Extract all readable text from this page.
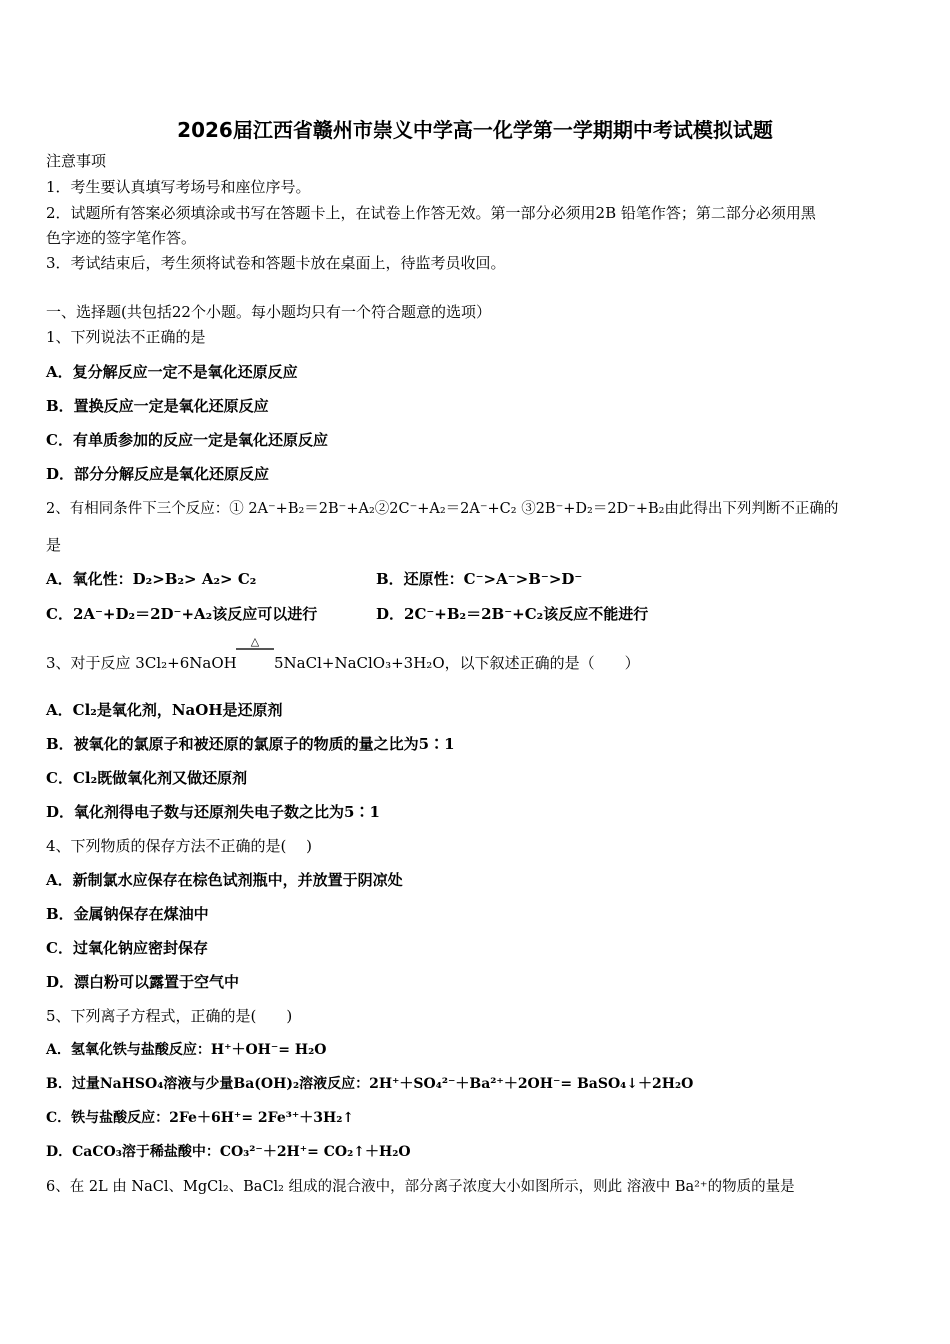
2026届江西省赣州市崇义中学高一化学第一学期期中考试模拟试题
注意事项
1．考生要认真填写考场号和座位序号。
2．试题所有答案必须填涂或书写在答题卡上，在试卷上作答无效。第一部分必须用2B 铅笔作答；第二部分必须用黑
色字迹的签字笔作答。
3．考试结束后，考生须将试卷和答题卡放在桌面上，待监考员收回。
一、选择题(共包括22个小题。每小题均只有一个符合题意的选项）
1、下列说法不正确的是
A．复分解反应一定不是氧化还原反应
B．置换反应一定是氧化还原反应
C．有单质参加的反应一定是氧化还原反应
D．部分分解反应是氧化还原反应
2、有相同条件下三个反应：① 2A⁻+B₂＝2B⁻+A₂②2C⁻+A₂＝2A⁻+C₂ ③2B⁻+D₂＝2D⁻+B₂由此得出下列判断不正确的
是
A．氧化性：D₂>B₂> A₂> C₂	B．还原性：C⁻>A⁻>B⁻>D⁻
C．2A⁻+D₂＝2D⁻+A₂该反应可以进行	D．2C⁻+B₂＝2B⁻+C₂该反应不能进行
3、对于反应 3Cl₂+6NaOH
△
5NaCl+NaClO₃+3H₂O，以下叙述正确的是（　　）
A．Cl₂是氧化剂，NaOH是还原剂
B．被氧化的氯原子和被还原的氯原子的物质的量之比为5∶1
C．Cl₂既做氧化剂又做还原剂
D．氧化剂得电子数与还原剂失电子数之比为5∶1
4、下列物质的保存方法不正确的是(　 )
A．新制氯水应保存在棕色试剂瓶中，并放置于阴凉处
B．金属钠保存在煤油中
C．过氧化钠应密封保存
D．漂白粉可以露置于空气中
5、下列离子方程式，正确的是(　　)
A．氢氧化铁与盐酸反应：H⁺＋OH⁻= H₂O
B．过量NaHSO₄溶液与少量Ba(OH)₂溶液反应：2H⁺＋SO₄²⁻＋Ba²⁺＋2OH⁻= BaSO₄↓＋2H₂O
C．铁与盐酸反应：2Fe＋6H⁺= 2Fe³⁺＋3H₂↑
D．CaCO₃溶于稀盐酸中：CO₃²⁻＋2H⁺= CO₂↑＋H₂O
6、在 2L 由 NaCl、MgCl₂、BaCl₂ 组成的混合液中，部分离子浓度大小如图所示，则此 溶液中 Ba²⁺的物质的量是
